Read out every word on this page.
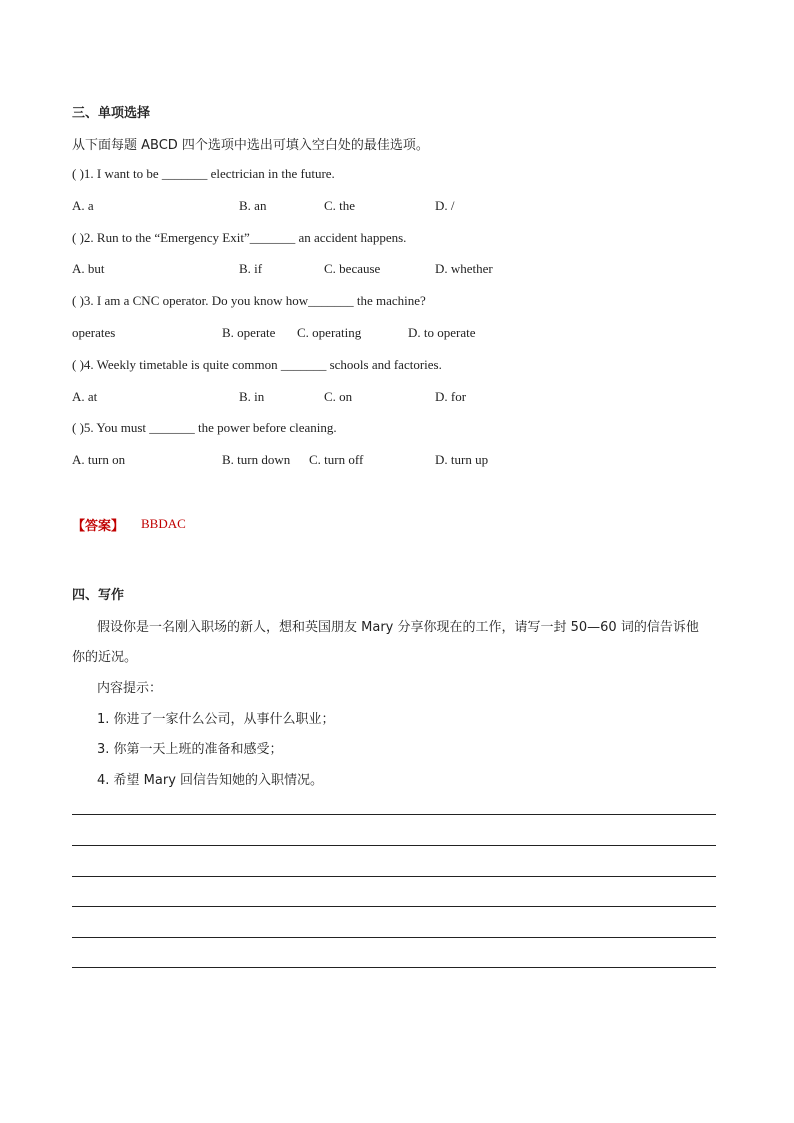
三、单项选择
从下面每题 ABCD 四个选项中选出可填入空白处的最佳选项。
( )1. I want to be _______ electrician in the future.
A. a	B. an	C. the	D. /
( )2. Run to the “Emergency Exit”_______ an accident happens.
A. but	B. if	C. because	D. whether
( )3. I am a CNC operator. Do you know how_______ the machine?
operates	B. operate C. operating	D. to operate
( )4. Weekly timetable is quite common _______ schools and factories.
A. at	B. in	C. on	D. for
( )5. You must _______ the power before cleaning.
A. turn on	B. turn down C. turn off	D. turn up
【答案】 BBDAC
四、写作
假设你是一名刚入职场的新人，想和英国朋友 Mary 分享你现在的工作，请写一封 50—60 词的信告诉他
你的近况。
内容提示：
1. 你进了一家什么公司，从事什么职业；
3. 你第一天上班的准备和感受；
4. 希望 Mary 回信告知她的入职情况。
